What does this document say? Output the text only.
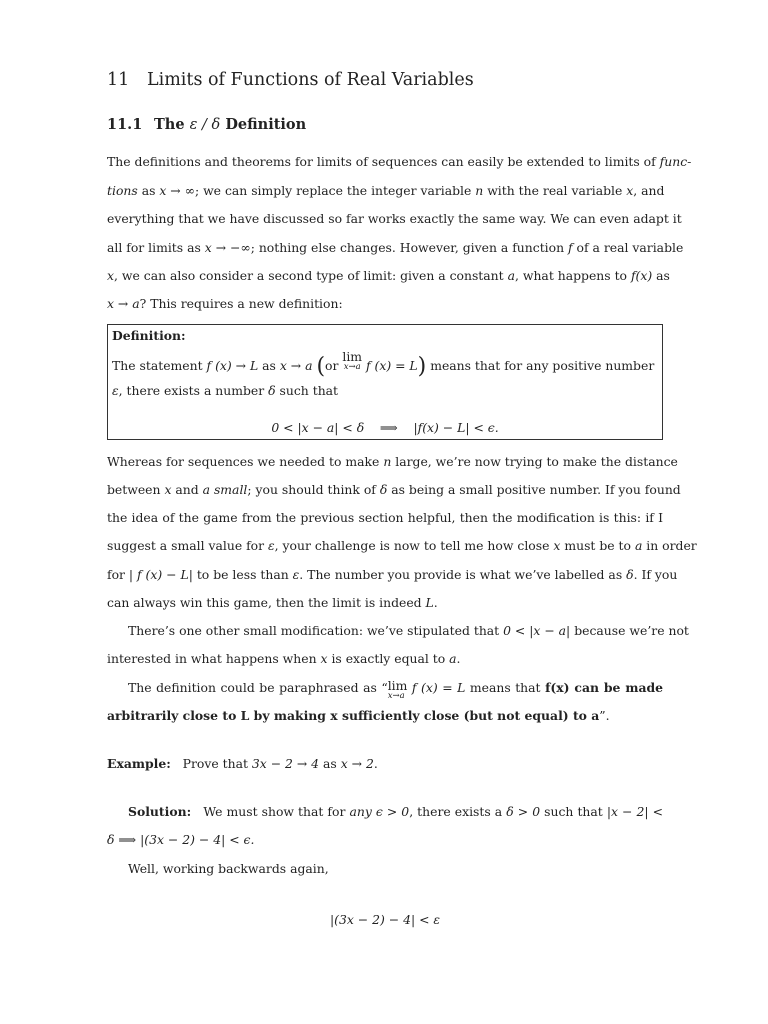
11 Limits of Functions of Real Variables
11.1 The ε / δ Definition
The definitions and theorems for limits of sequences can easily be extended to limits of func-
tions as x → ∞; we can simply replace the integer variable n with the real variable x, and
everything that we have discussed so far works exactly the same way. We can even adapt it
all for limits as x → −∞; nothing else changes. However, given a function f of a real variable
x, we can also consider a second type of limit: given a constant a, what happens to f(x) as
x → a? This requires a new definition:
Definition:
The statement f (x) → L as x → a (or lim
x→a f (x) = L) means that for any positive number
ε, there exists a number δ such that
0 < |x − a| < δ    ⟹    |f(x) − L| < ϵ.
Whereas for sequences we needed to make n large, we’re now trying to make the distance
between x and a small; you should think of δ as being a small positive number. If you found
the idea of the game from the previous section helpful, then the modification is this: if I
suggest a small value for ε, your challenge is now to tell me how close x must be to a in order
for | f (x) − L| to be less than ε. The number you provide is what we’ve labelled as δ. If you
can always win this game, then the limit is indeed L.
There’s one other small modification: we’ve stipulated that 0 < |x − a| because we’re not
interested in what happens when x is exactly equal to a.
The definition could be paraphrased as “lim
x→a
f (x) = L means that f(x) can be made
arbitrarily close to L by making x sufficiently close (but not equal) to a”.
Example: Prove that 3x − 2 → 4 as x → 2.
Solution: We must show that for any ϵ > 0, there exists a δ > 0 such that |x − 2| <
δ ⟹ |(3x − 2) − 4| < ϵ.
Well, working backwards again,
|(3x − 2) − 4| < ε
